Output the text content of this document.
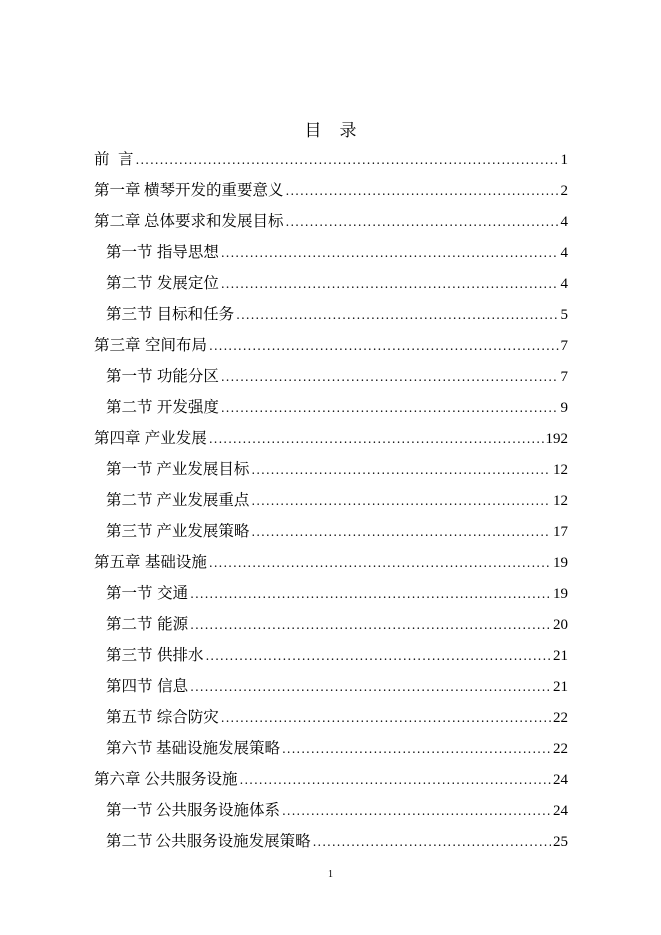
目 录
前 言 .....	1
第一章 横琴开发的重要意义 .....	2
第二章 总体要求和发展目标 .....	4
第一节 指导思想 .....	4
第二节 发展定位 .....	4
第三节 目标和任务 .....	5
第三章 空间布局 .....	7
第一节 功能分区 .....	7
第二节 开发强度 .....	9
第四章 产业发展 .....	192
第一节 产业发展目标 .....	12
第二节 产业发展重点 .....	12
第三节 产业发展策略 .....	17
第五章 基础设施 .....	19
第一节 交通 .....	19
第二节 能源 .....	20
第三节 供排水 .....	21
第四节 信息 .....	21
第五节 综合防灾 .....	22
第六节 基础设施发展策略 .....	22
第六章 公共服务设施 .....	24
第一节 公共服务设施体系 .....	24
第二节 公共服务设施发展策略 .....	25
1
